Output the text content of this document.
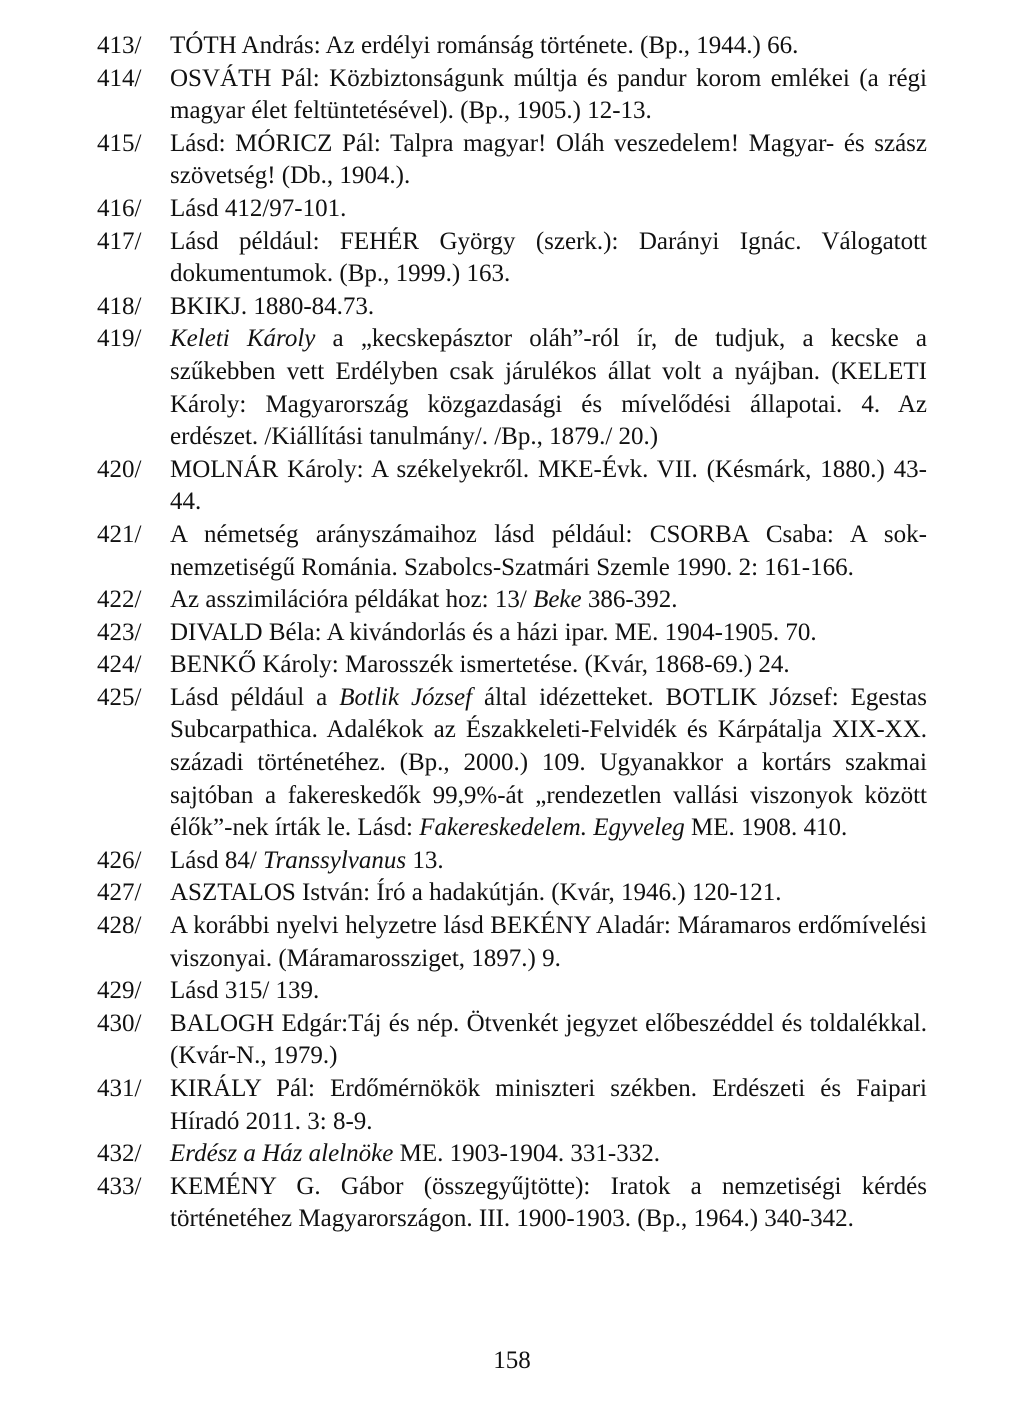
413/	TÓTH András: Az erdélyi románság története. (Bp., 1944.) 66.
414/	OSVÁTH Pál: Közbiztonságunk múltja és pandur korom emlékei (a régi magyar élet feltüntetésével). (Bp., 1905.) 12-13.
415/	Lásd: MÓRICZ Pál: Talpra magyar! Oláh veszedelem! Magyar- és szász szövetség! (Db., 1904.).
416/	Lásd 412/97-101.
417/	Lásd például: FEHÉR György (szerk.): Darányi Ignác. Válogatott dokumentumok. (Bp., 1999.) 163.
418/	BKIKJ. 1880-84.73.
419/	Keleti Károly a „kecskepásztor oláh”-ról ír, de tudjuk, a kecske a szűkebben vett Erdélyben csak járulékos állat volt a nyájban. (KELETI Károly: Magyarország közgazdasági és mívelődési állapotai. 4. Az erdészet. /Kiállítási tanulmány/. /Bp., 1879./ 20.)
420/	MOLNÁR Károly: A székelyekről. MKE-Évk. VII. (Késmárk, 1880.) 43-44.
421/	A németség arányszámaihoz lásd például: CSORBA Csaba: A soknemzetiségű Románia. Szabolcs-Szatmári Szemle 1990. 2: 161-166.
422/	Az asszimilációra példákat hoz: 13/ Beke 386-392.
423/	DIVALD Béla: A kivándorlás és a házi ipar. ME. 1904-1905. 70.
424/	BENKŐ Károly: Marosszék ismertetése. (Kvár, 1868-69.) 24.
425/	Lásd például a Botlik József által idézetteket. BOTLIK József: Egestas Subcarpathica. Adalékok az Északkeleti-Felvidék és Kárpátalja XIX-XX. századi történetéhez. (Bp., 2000.) 109. Ugyanakkor a kortárs szakmai sajtóban a fakereskedők 99,9%-át „rendezetlen vallási viszonyok között élők”-nek írták le. Lásd: Fakereskedelem. Egyveleg ME. 1908. 410.
426/	Lásd 84/ Transsylvanus 13.
427/	ASZTALOS István: Író a hadakútján. (Kvár, 1946.) 120-121.
428/	A korábbi nyelvi helyzetre lásd BEKÉNY Aladár: Máramaros erdőmívelési viszonyai. (Máramarossziget, 1897.) 9.
429/	Lásd 315/ 139.
430/	BALOGH Edgár:Táj és nép. Ötvenkét jegyzet előbeszéddel és toldalékkal. (Kvár-N., 1979.)
431/	KIRÁLY Pál: Erdőmérnökök miniszteri székben. Erdészeti és Faipari Híradó 2011. 3: 8-9.
432/	Erdész a Ház alelnöke ME. 1903-1904. 331-332.
433/	KEMÉNY G. Gábor (összegyűjtötte): Iratok a nemzetiségi kérdés történetéhez Magyarországon. III. 1900-1903. (Bp., 1964.) 340-342.
158
